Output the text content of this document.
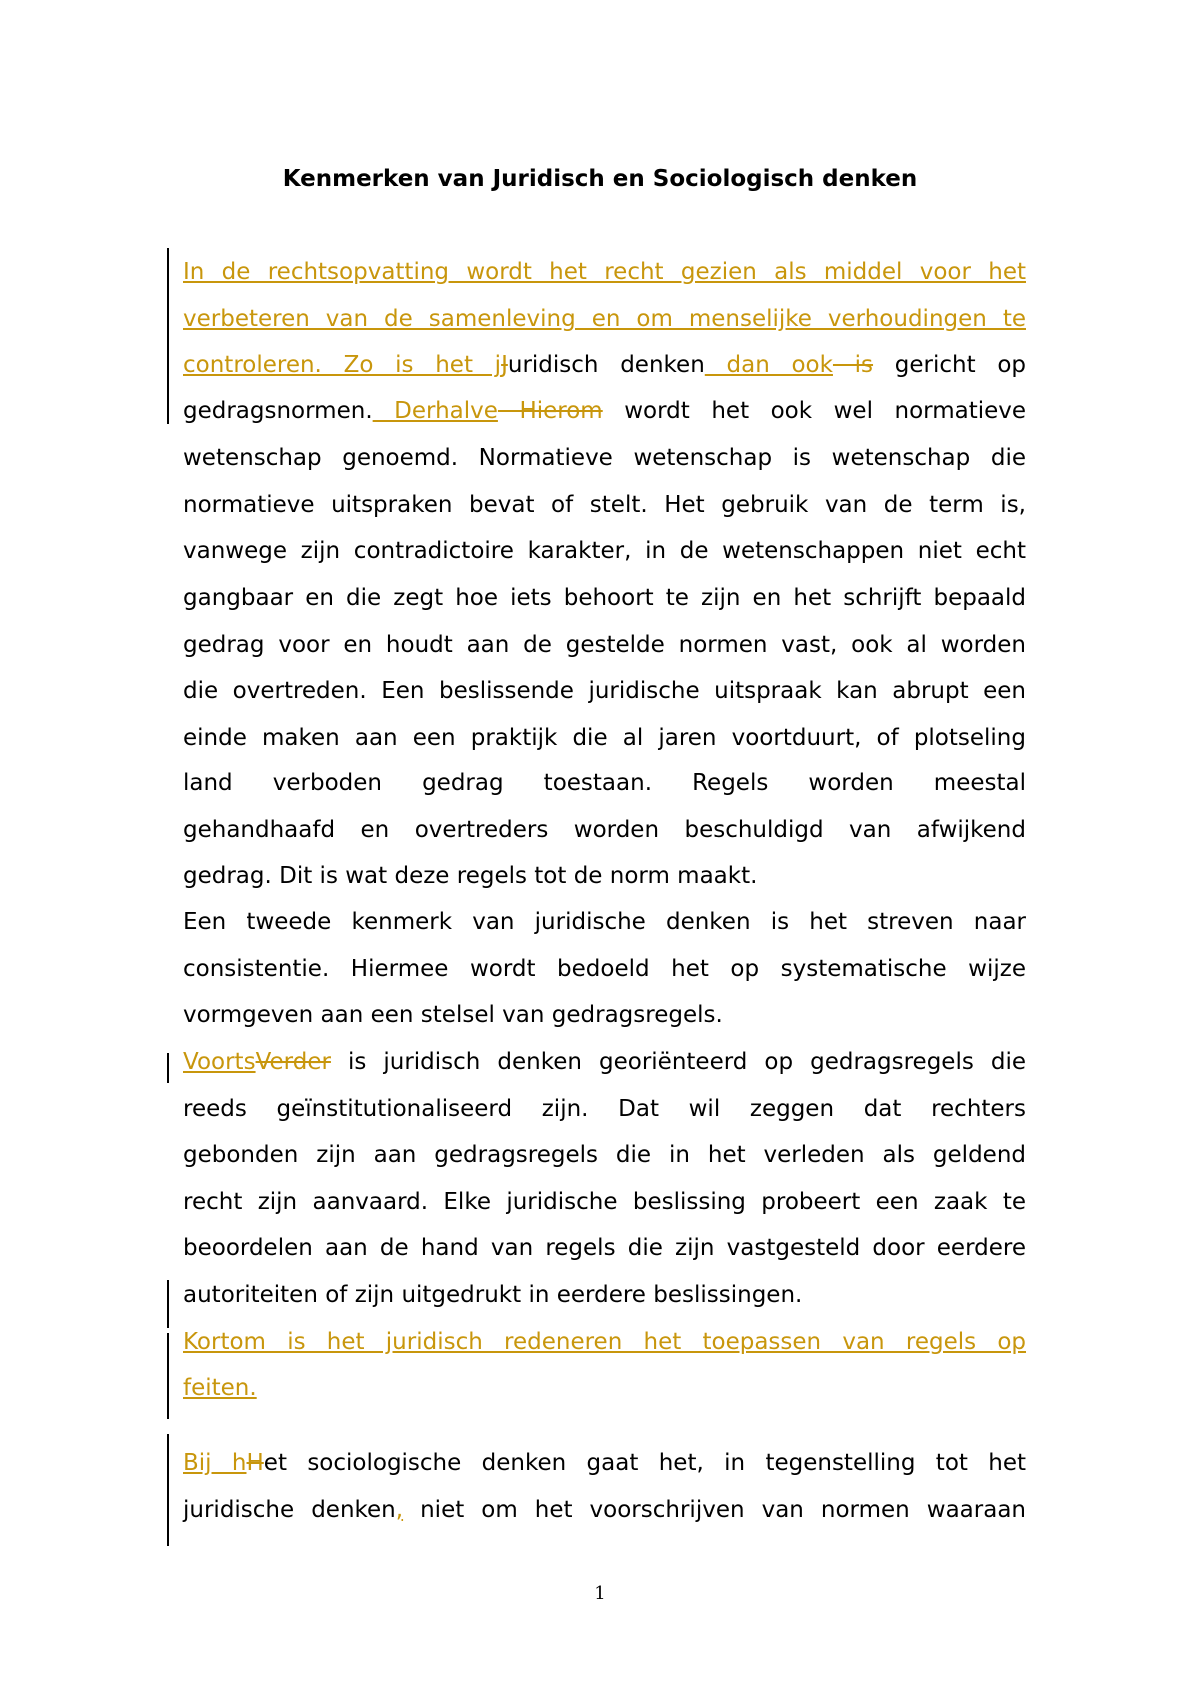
Kenmerken van Juridisch en Sociologisch denken
In de rechtsopvatting wordt het recht gezien als middel voor het
verbeteren van de samenleving en om menselijke verhoudingen te
controleren. Zo is het jJuridisch denken dan ook is gericht op
gedragsnormen. Derhalve Hierom wordt het ook wel normatieve
wetenschap genoemd. Normatieve wetenschap is wetenschap die
normatieve uitspraken bevat of stelt. Het gebruik van de term is,
vanwege zijn contradictoire karakter, in de wetenschappen niet echt
gangbaar en die zegt hoe iets behoort te zijn en het schrijft bepaald
gedrag voor en houdt aan de gestelde normen vast, ook al worden
die overtreden. Een beslissende juridische uitspraak kan abrupt een
einde maken aan een praktijk die al jaren voortduurt, of plotseling
land verboden gedrag toestaan. Regels worden meestal
gehandhaafd en overtreders worden beschuldigd van afwijkend
gedrag. Dit is wat deze regels tot de norm maakt.
Een tweede kenmerk van juridische denken is het streven naar
consistentie. Hiermee wordt bedoeld het op systematische wijze
vormgeven aan een stelsel van gedragsregels.
VoortsVerder is juridisch denken georiënteerd op gedragsregels die
reeds geïnstitutionaliseerd zijn. Dat wil zeggen dat rechters
gebonden zijn aan gedragsregels die in het verleden als geldend
recht zijn aanvaard. Elke juridische beslissing probeert een zaak te
beoordelen aan de hand van regels die zijn vastgesteld door eerdere
autoriteiten of zijn uitgedrukt in eerdere beslissingen.
Kortom is het juridisch redeneren het toepassen van regels op
feiten.
Bij hHet sociologische denken gaat het, in tegenstelling tot het
juridische denken, niet om het voorschrijven van normen waaraan
1
